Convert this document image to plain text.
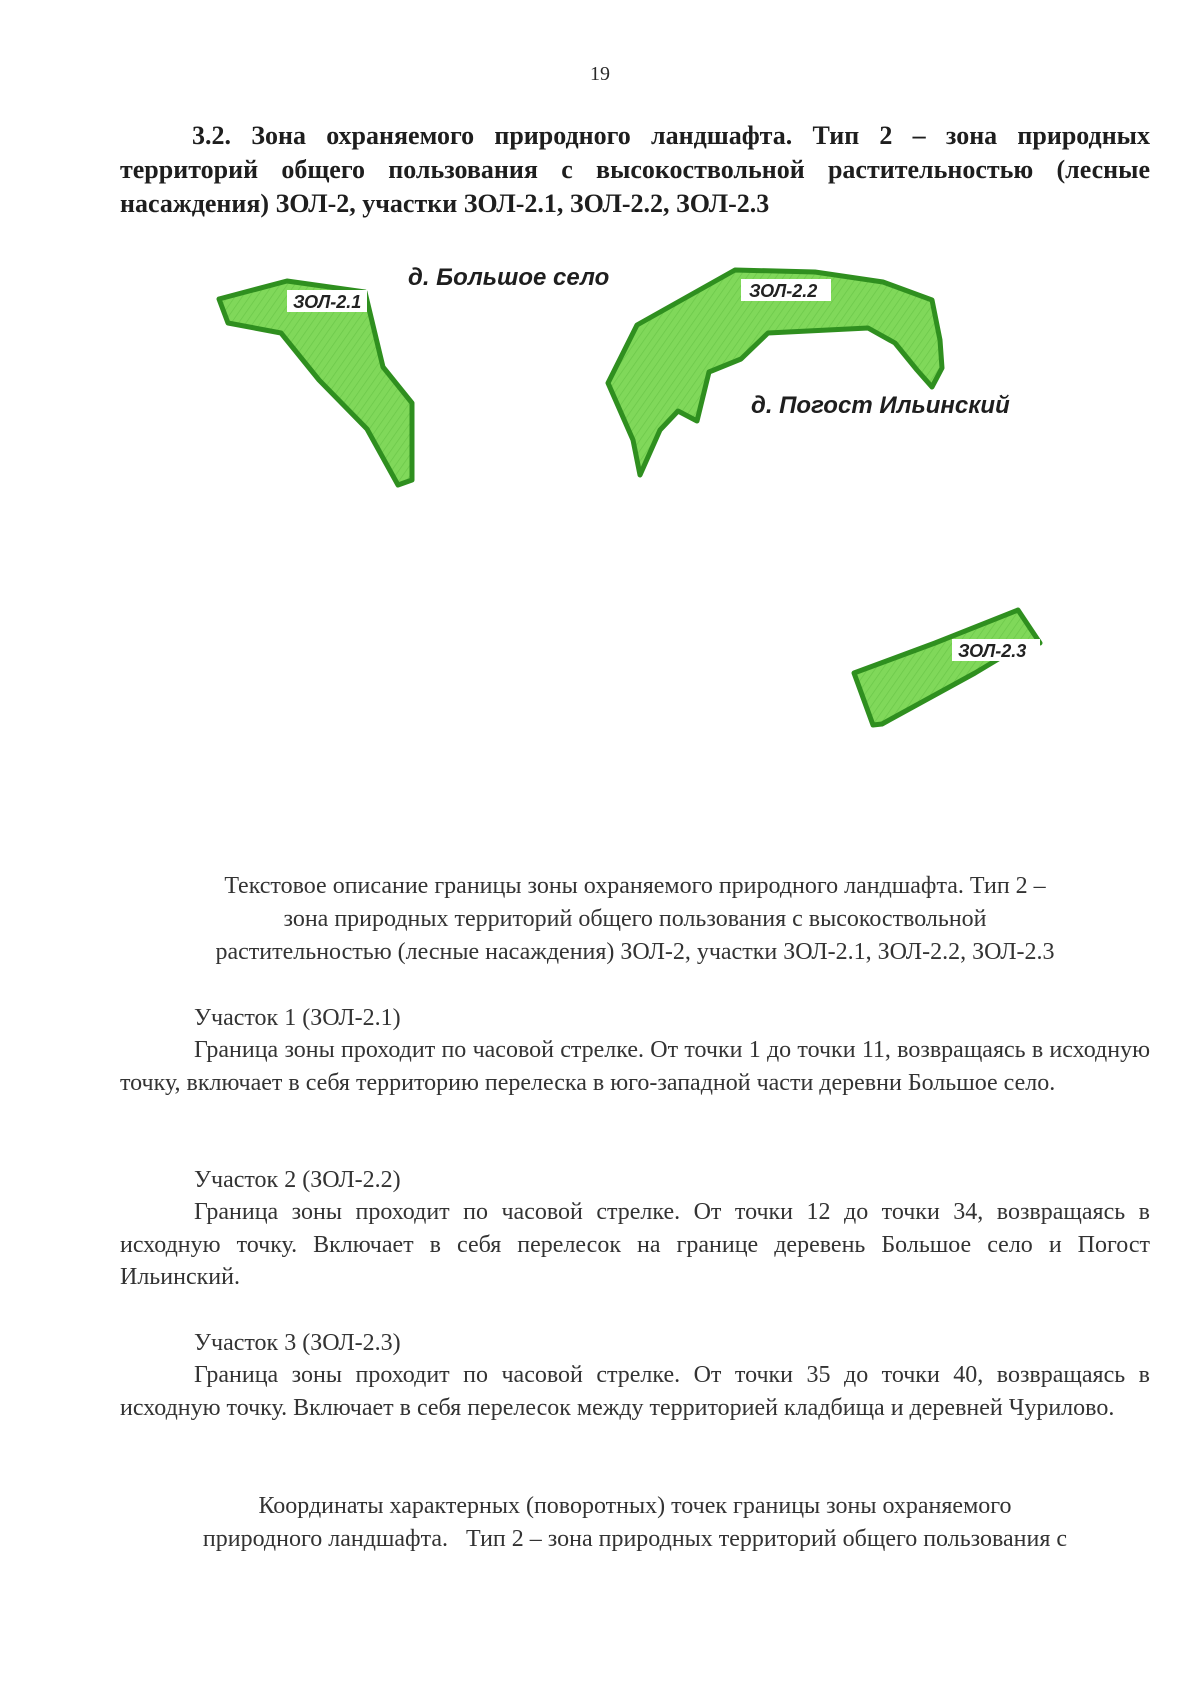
19
3.2. Зона охраняемого природного ландшафта. Тип 2 – зона природных территорий общего пользования с высокоствольной растительностью (лесные насаждения) ЗОЛ-2, участки ЗОЛ-2.1, ЗОЛ-2.2, ЗОЛ-2.3
ЗОЛ-2.1
ЗОЛ-2.2
ЗОЛ-2.3
д. Большое село
д. Погост Ильинский
Текстовое описание границы зоны охраняемого природного ландшафта. Тип 2 –
зона природных территорий общего пользования с высокоствольной
растительностью (лесные насаждения) ЗОЛ-2, участки ЗОЛ-2.1, ЗОЛ-2.2, ЗОЛ-2.3
Участок 1 (ЗОЛ-2.1)
Граница зоны проходит по часовой стрелке. От точки 1 до точки 11, возвращаясь в исходную точку, включает в себя территорию перелеска в юго-западной части деревни Большое село.
Участок 2 (ЗОЛ-2.2)
Граница зоны проходит по часовой стрелке. От точки 12 до точки 34, возвращаясь в исходную точку. Включает в себя перелесок на границе деревень Большое село и Погост Ильинский.
Участок 3 (ЗОЛ-2.3)
Граница зоны проходит по часовой стрелке. От точки 35 до точки 40, возвращаясь в исходную точку. Включает в себя перелесок между территорией кладбища и деревней Чурилово.
Координаты характерных (поворотных) точек границы зоны охраняемого
природного ландшафта.   Тип 2 – зона природных территорий общего пользования с
